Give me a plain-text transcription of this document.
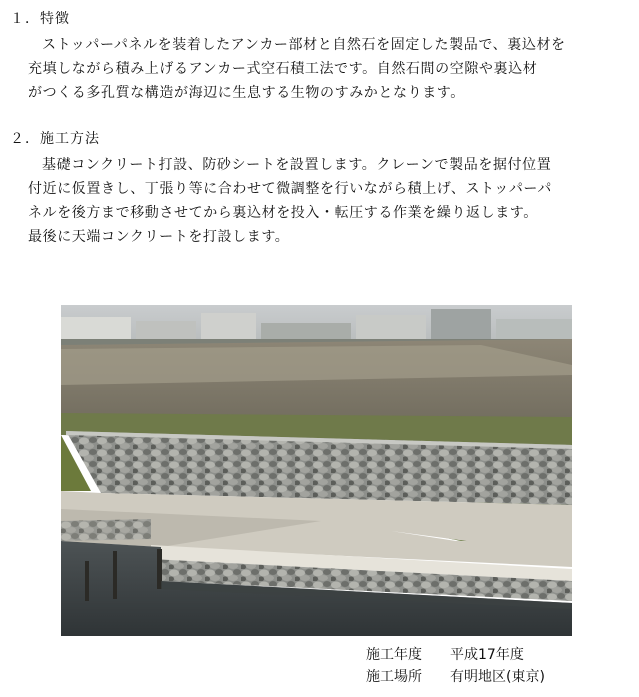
１．特徴
ストッパーパネルを装着したアンカー部材と自然石を固定した製品で、裏込材を
充填しながら積み上げるアンカー式空石積工法です。自然石間の空隙や裏込材
がつくる多孔質な構造が海辺に生息する生物のすみかとなります。
２．施工方法
基礎コンクリート打設、防砂シートを設置します。クレーンで製品を据付位置
付近に仮置きし、丁張り等に合わせて微調整を行いながら積上げ、ストッパーパ
ネルを後方まで移動させてから裏込材を投入・転圧する作業を繰り返します。
最後に天端コンクリートを打設します。
施工年度 平成17年度
施工場所 有明地区(東京)
